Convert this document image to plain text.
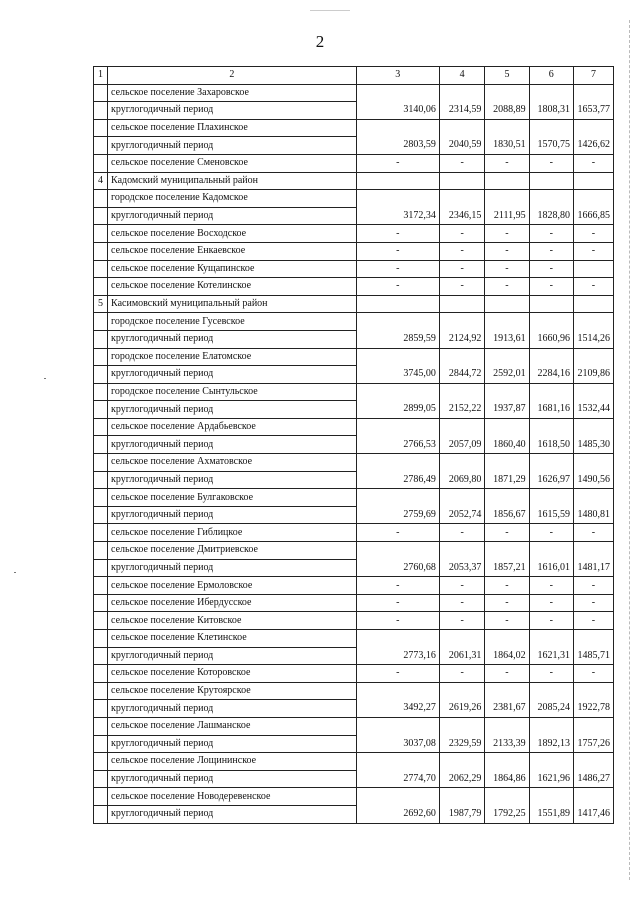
2
1	2	3	4	5	6	7
	сельское поселение Захаровское					
	круглогодичный период	3140,06	2314,59	2088,89	1808,31	1653,77
	сельское поселение Плахинское					
	круглогодичный период	2803,59	2040,59	1830,51	1570,75	1426,62
	сельское поселение Сменовское	-	-	-	-	-
4	Кадомский муниципальный район					
	городское поселение Кадомское					
	круглогодичный период	3172,34	2346,15	2111,95	1828,80	1666,85
	сельское поселение Восходское	-	-	-	-	-
	сельское поселение Енкаевское	-	-	-	-	-
	сельское поселение Кущапинское	-	-	-	-	
	сельское поселение Котелинское	-	-	-	-	-
5	Касимовский муниципальный район					
	городское поселение Гусевское					
	круглогодичный период	2859,59	2124,92	1913,61	1660,96	1514,26
	городское поселение Елатомское					
	круглогодичный период	3745,00	2844,72	2592,01	2284,16	2109,86
	городское поселение Сынтульское					
	круглогодичный период	2899,05	2152,22	1937,87	1681,16	1532,44
	сельское поселение Ардабьевское					
	круглогодичный период	2766,53	2057,09	1860,40	1618,50	1485,30
	сельское поселение Ахматовское					
	круглогодичный период	2786,49	2069,80	1871,29	1626,97	1490,56
	сельское поселение Булгаковское					
	круглогодичный период	2759,69	2052,74	1856,67	1615,59	1480,81
	сельское поселение Гиблицкое	-	-	-	-	-
	сельское поселение Дмитриевское					
	круглогодичный период	2760,68	2053,37	1857,21	1616,01	1481,17
	сельское поселение Ермоловское	-	-	-	-	-
	сельское поселение Ибердусское	-	-	-	-	-
	сельское поселение Китовское	-	-	-	-	-
	сельское поселение Клетинское					
	круглогодичный период	2773,16	2061,31	1864,02	1621,31	1485,71
	сельское поселение Которовское	-	-	-	-	-
	сельское поселение Крутоярское					
	круглогодичный период	3492,27	2619,26	2381,67	2085,24	1922,78
	сельское поселение Лашманское					
	круглогодичный период	3037,08	2329,59	2133,39	1892,13	1757,26
	сельское поселение Лощининское					
	круглогодичный период	2774,70	2062,29	1864,86	1621,96	1486,27
	сельское поселение Новодеревенское					
	круглогодичный период	2692,60	1987,79	1792,25	1551,89	1417,46
